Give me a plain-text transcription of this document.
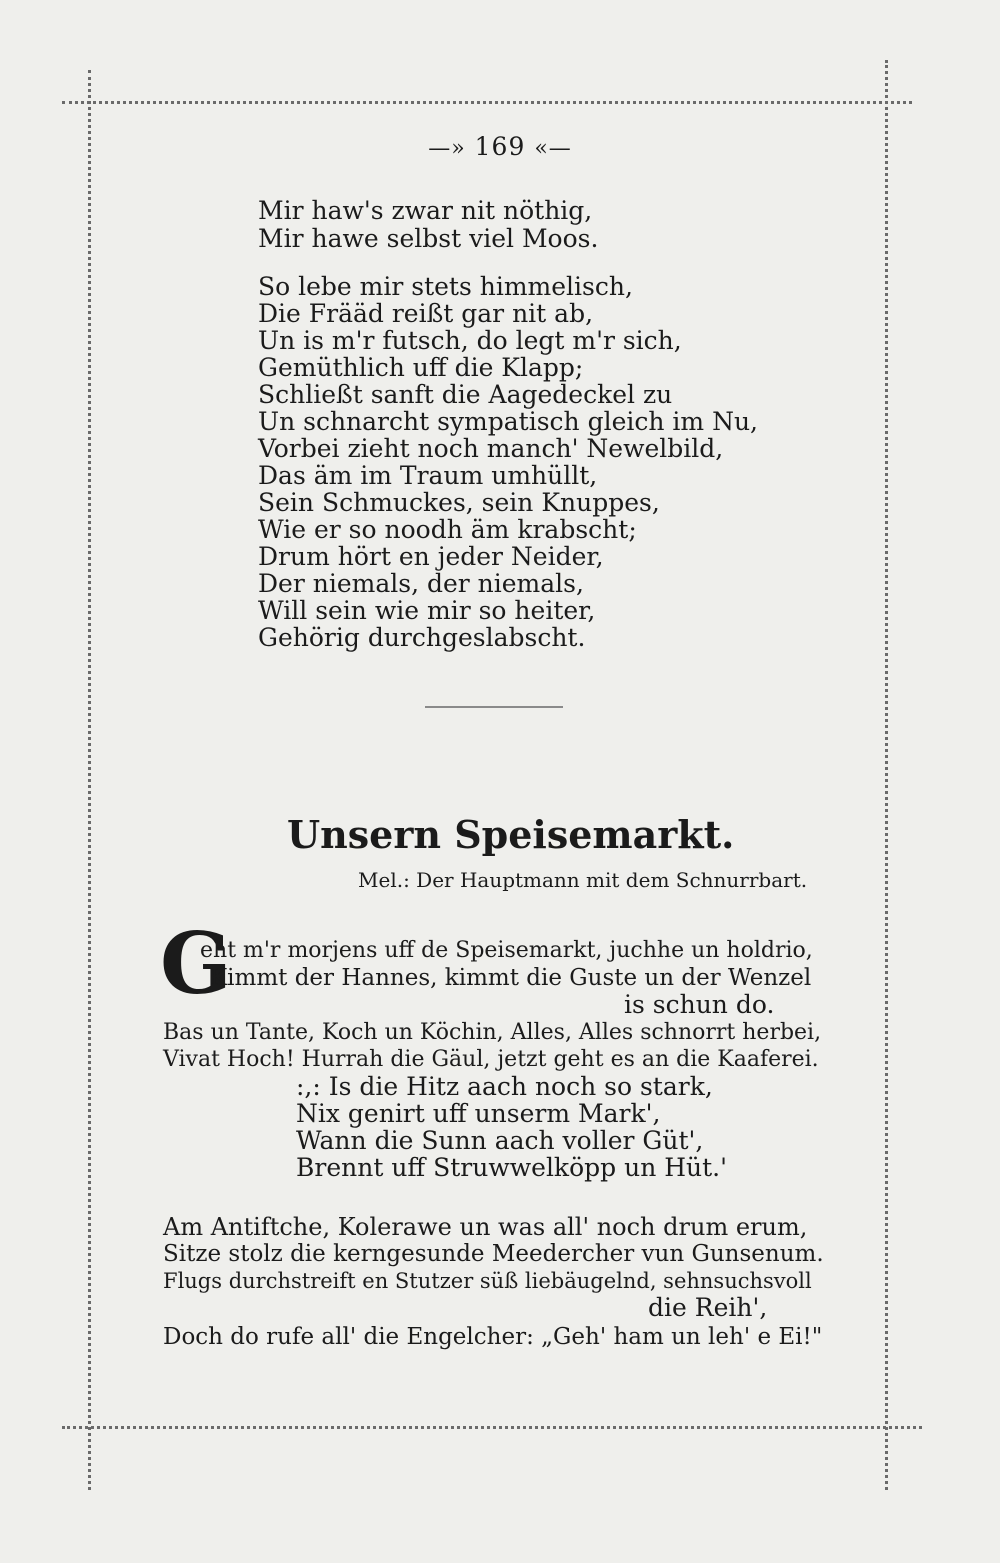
—» 169 «—
Mir haw's zwar nit nöthig,
Mir hawe selbst viel Moos.
So lebe mir stets himmelisch,
Die Frääd reißt gar nit ab,
Un is m'r futsch, do legt m'r sich,
Gemüthlich uff die Klapp;
Schließt sanft die Aagedeckel zu
Un schnarcht sympatisch gleich im Nu,
Vorbei zieht noch manch' Newelbild,
Das äm im Traum umhüllt,
Sein Schmuckes, sein Knuppes,
Wie er so noodh äm krabscht;
Drum hört en jeder Neider,
Der niemals, der niemals,
Will sein wie mir so heiter,
Gehörig durchgeslabscht.
Unsern Speisemarkt.
Mel.: Der Hauptmann mit dem Schnurrbart.
G
eht m'r morjens uff de Speisemarkt, juchhe un holdrio,
Kimmt der Hannes, kimmt die Guste un der Wenzel
is schun do.
Bas un Tante, Koch un Köchin, Alles, Alles schnorrt herbei,
Vivat Hoch! Hurrah die Gäul, jetzt geht es an die Kaaferei.
:,: Is die Hitz aach noch so stark,
Nix genirt uff unserm Mark',
Wann die Sunn aach voller Güt',
Brennt uff Struwwelköpp un Hüt.'
Am Antiftche, Kolerawe un was all' noch drum erum,
Sitze stolz die kerngesunde Meedercher vun Gunsenum.
Flugs durchstreift en Stutzer süß liebäugelnd, sehnsuchsvoll
die Reih',
Doch do rufe all' die Engelcher: „Geh' ham un leh' e Ei!"
